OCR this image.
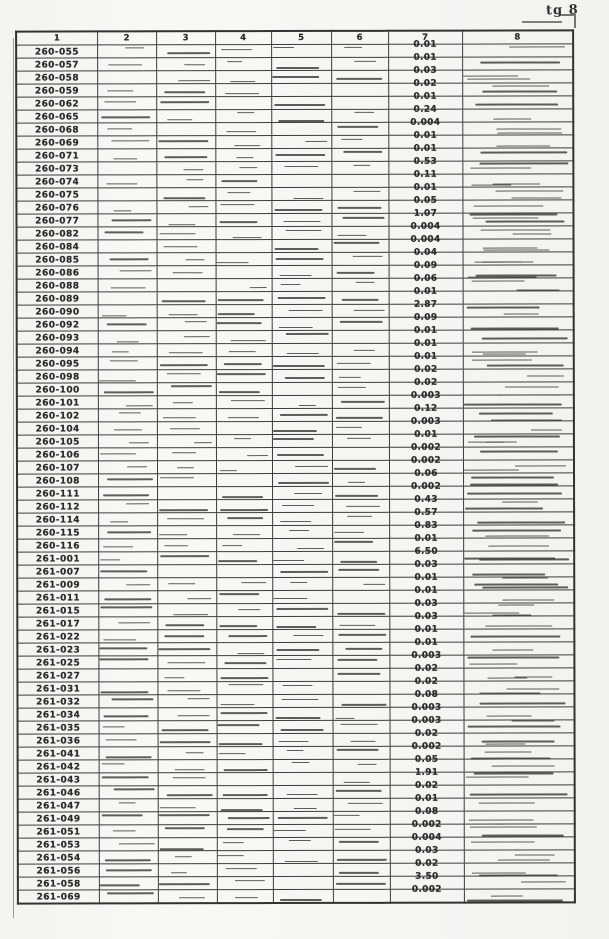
tg 8
1	2	3	4	5	6	7	8
260-055						0.01	

260-057						0.01	

260-058						0.03	

260-059						0.02	

260-062						0.01	

260-065						0.24	

260-068						0.004	

260-069						0.01	

260-071						0.01	

260-073						0.53	

260-074						0.11	

260-075						0.01	

260-076						0.05	

260-077						1.07	

260-082						0.004	

260-084						0.004	

260-085						0.04	

260-086						0.09	

260-088						0.06	

260-089						0.01	
260-090						2.87	

260-092						0.09	

260-093						0.01	

260-094						0.01	

260-095						0.01	

260-098						0.02	

260-100						0.02	

260-101						0.003	

260-102						0.12	

260-104						0.003	

260-105						0.01	

260-106						0.002	

260-107						0.002	

260-108						0.06	

260-111						0.002	

260-112						0.43	

260-114						0.57	

260-115						0.83	

260-116						0.01	

261-001						6.50	

261-007						0.03	

261-009						0.01	

261-011						0.01	

261-015						0.03	

261-017						0.03	

261-022						0.01	

261-023						0.01	

261-025						0.003	

261-027						0.02	

261-031						0.02	

261-032						0.08	

261-034						0.003	

261-035						0.003	

261-036						0.02	

261-041						0.002	

261-042						0.05	

261-043						1.91	

261-046						0.02	

261-047						0.01	

261-049						0.08	

261-051						0.002	

261-053						0.004	

261-054						0.03	

261-056						0.02	

261-058						3.50	

261-069						0.002	
